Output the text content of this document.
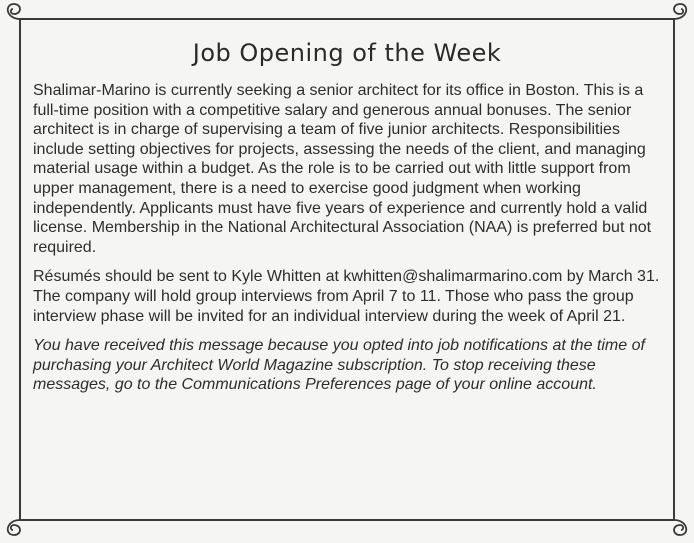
Job Opening of the Week

Shalimar-Marino is currently seeking a senior architect for its office in Boston. This is a full-time position with a competitive salary and generous annual bonuses. The senior architect is in charge of supervising a team of five junior architects. Responsibilities include setting objectives for projects, assessing the needs of the client, and managing material usage within a budget. As the role is to be carried out with little support from upper management, there is a need to exercise good judgment when working independently. Applicants must have five years of experience and currently hold a valid license. Membership in the National Architectural Association (NAA) is preferred but not required.

Résumés should be sent to Kyle Whitten at kwhitten@shalimarmarino.com by March 31. The company will hold group interviews from April 7 to 11. Those who pass the group interview phase will be invited for an individual interview during the week of April 21.

You have received this message because you opted into job notifications at the time of purchasing your Architect World Magazine subscription. To stop receiving these messages, go to the Communications Preferences page of your online account.
